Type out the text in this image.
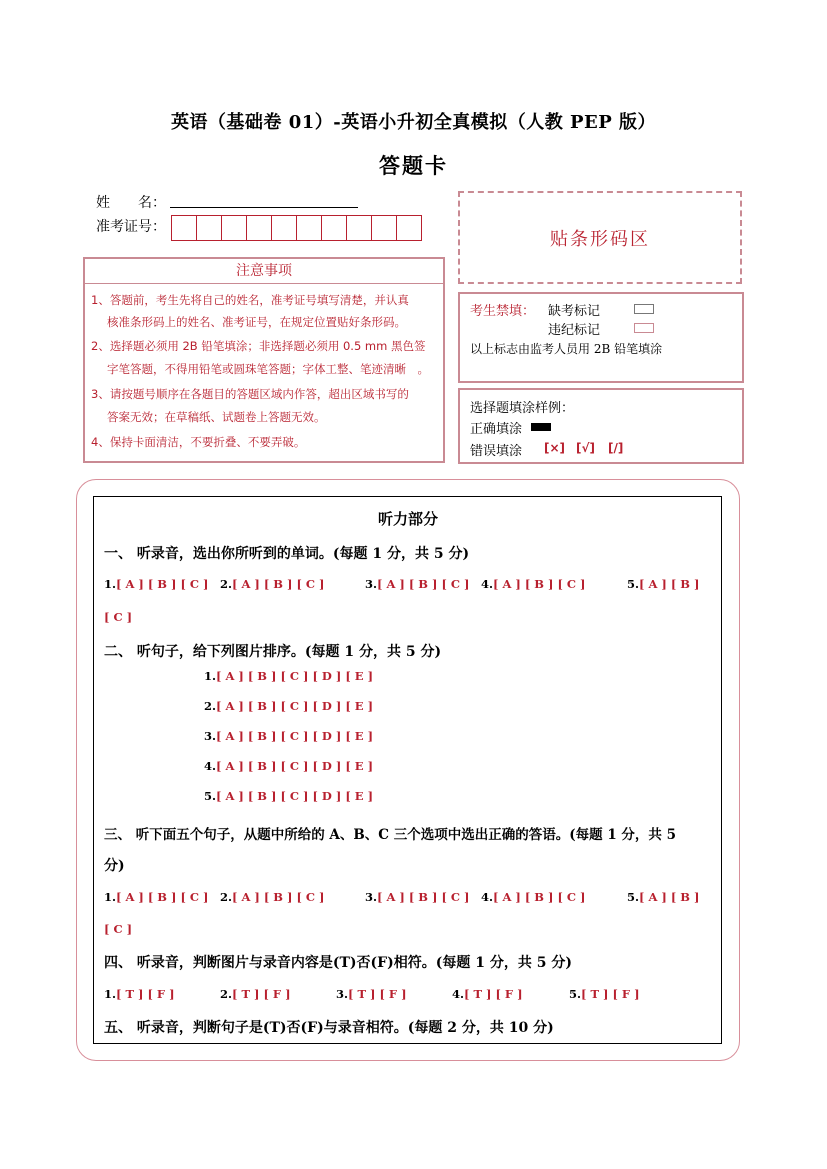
英语（基础卷 01）-英语小升初全真模拟（人教 PEP 版）
答题卡
姓　　名：
准考证号：
贴条形码区
注意事项
1、答题前，考生先将自己的姓名，准考证号填写清楚，并认真
核准条形码上的姓名、准考证号，在规定位置贴好条形码。
2、选择题必须用 2B 铅笔填涂；非选择题必须用 0.5 mm 黑色签
字笔答题，不得用铅笔或圆珠笔答题；字体工整、笔迹清晰　。
3、请按题号顺序在各题目的答题区域内作答，超出区域书写的
答案无效；在草稿纸、试题卷上答题无效。
4、保持卡面清洁，不要折叠、不要弄破。
考生禁填： 缺考标记
违纪标记
以上标志由监考人员用 2B 铅笔填涂
选择题填涂样例：
正确填涂
错误填涂 [×] [√] [/]
听力部分
一、 听录音，选出你所听到的单词。(每题 1 分，共 5 分)
1.[ A ] [ B ] [ C ] 2.[ A ] [ B ] [ C ]	3.[ A ] [ B ] [ C ] 4.[ A ] [ B ] [ C ]	5.[ A ] [ B ]
[ C ]
二、 听句子，给下列图片排序。(每题 1 分，共 5 分)
1.[ A ] [ B ] [ C ] [ D ] [ E ]
2.[ A ] [ B ] [ C ] [ D ] [ E ]
3.[ A ] [ B ] [ C ] [ D ] [ E ]
4.[ A ] [ B ] [ C ] [ D ] [ E ]
5.[ A ] [ B ] [ C ] [ D ] [ E ]
三、 听下面五个句子，从题中所给的 A、B、C 三个选项中选出正确的答语。(每题 1 分，共 5
分)
1.[ A ] [ B ] [ C ] 2.[ A ] [ B ] [ C ]	3.[ A ] [ B ] [ C ] 4.[ A ] [ B ] [ C ]	5.[ A ] [ B ]
[ C ]
四、 听录音，判断图片与录音内容是(T)否(F)相符。(每题 1 分，共 5 分)
1.[ T ] [ F ]	2.[ T ] [ F ]	3.[ T ] [ F ]	4.[ T ] [ F ]	5.[ T ] [ F ]
五、 听录音，判断句子是(T)否(F)与录音相符。(每题 2 分，共 10 分)
